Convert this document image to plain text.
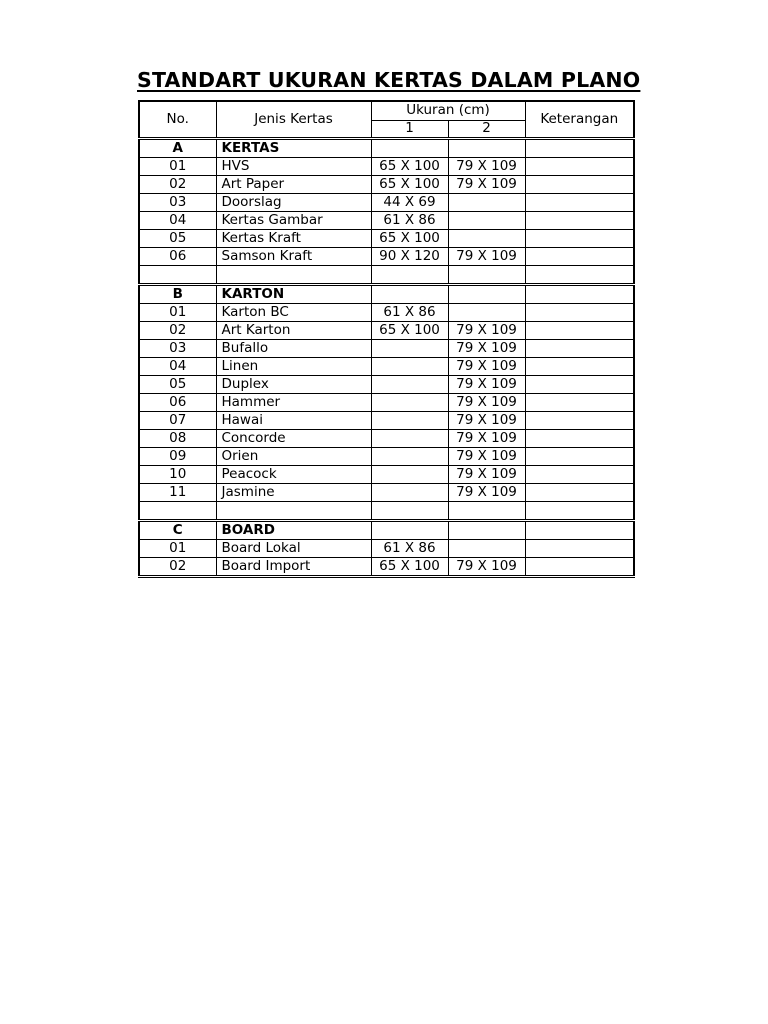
STANDART UKURAN KERTAS DALAM PLANO
No.	Jenis Kertas	Ukuran (cm)		Keterangan
		1	2	
A	KERTAS			
01	HVS	65 X 100	79 X 109	
02	Art Paper	65 X 100	79 X 109	
03	Doorslag	44 X 69		
04	Kertas Gambar	61 X 86		
05	Kertas Kraft	65 X 100		
06	Samson Kraft	90 X 120	79 X 109	

B	KARTON			
01	Karton BC	61 X 86		
02	Art Karton	65 X 100	79 X 109	
03	Bufallo		79 X 109	
04	Linen		79 X 109	
05	Duplex		79 X 109	
06	Hammer		79 X 109	
07	Hawai		79 X 109	
08	Concorde		79 X 109	
09	Orien		79 X 109	
10	Peacock		79 X 109	
11	Jasmine		79 X 109	

C	BOARD			
01	Board Lokal	61 X 86		
02	Board Import	65 X 100	79 X 109	
